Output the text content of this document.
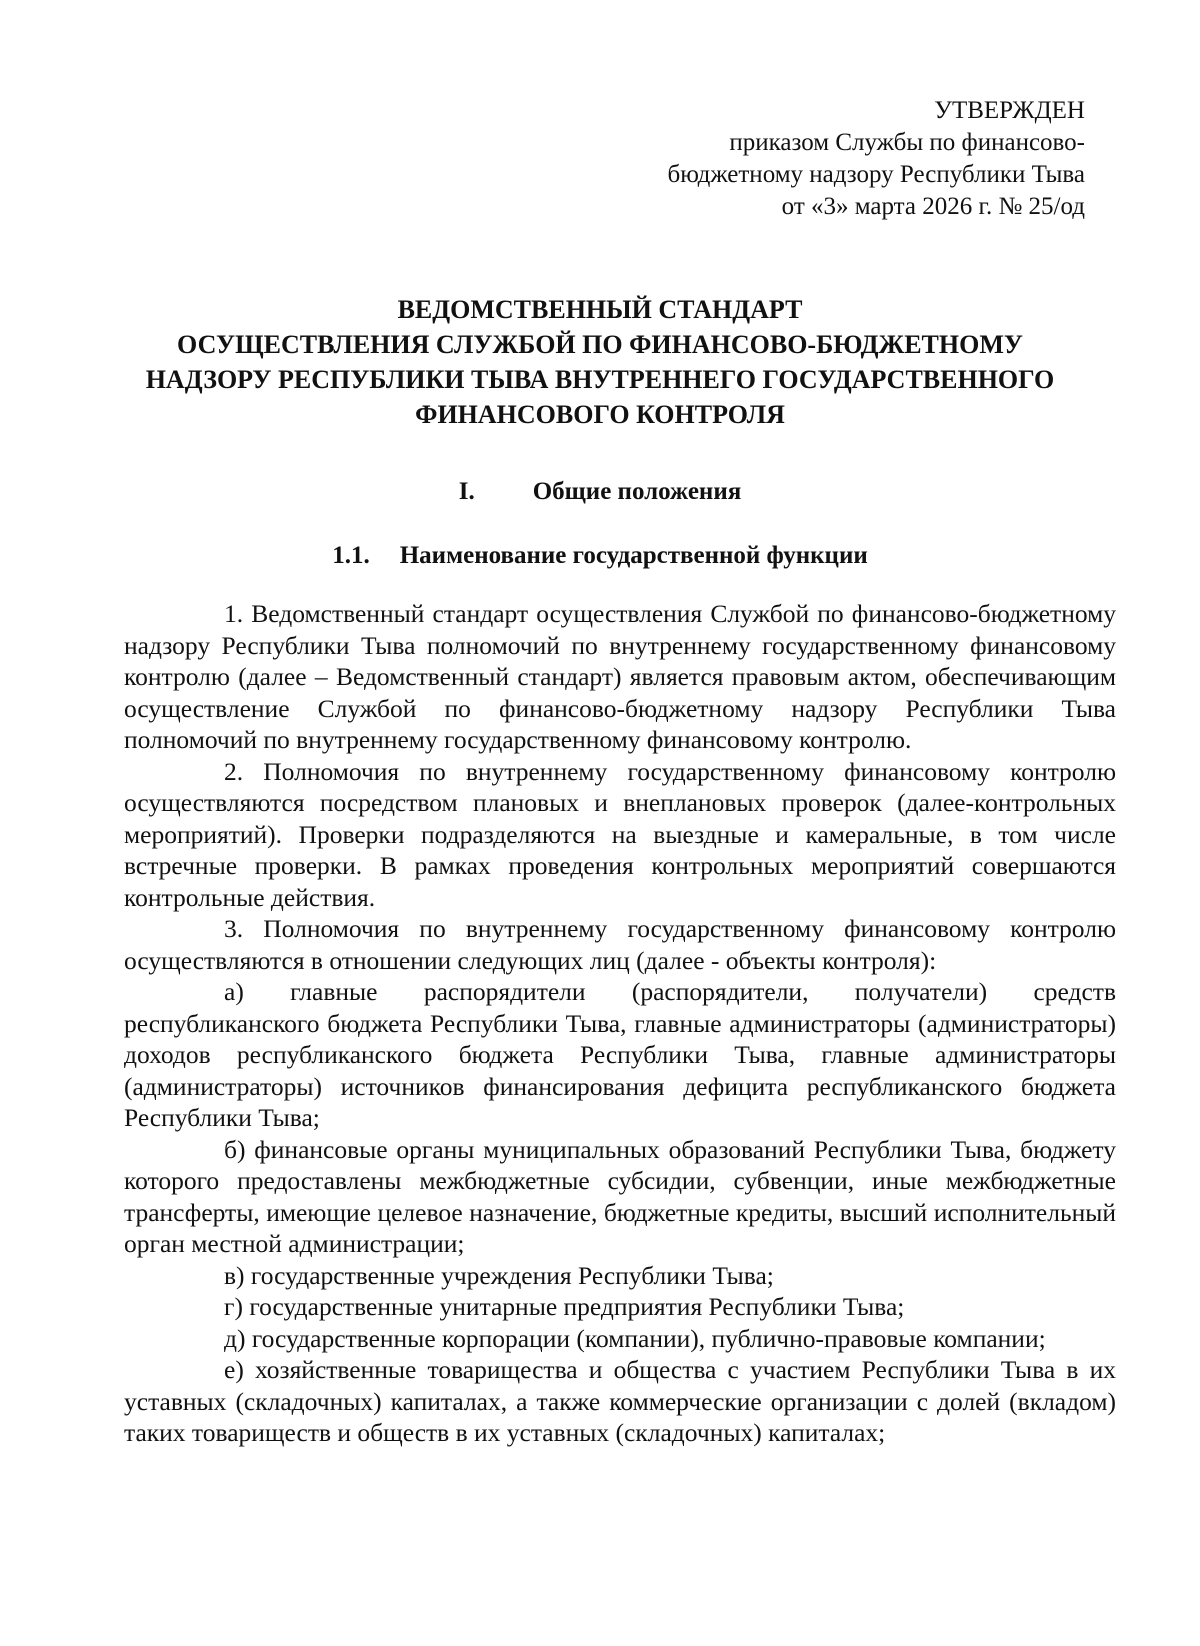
УТВЕРЖДЕН
приказом Службы по финансово-
бюджетному надзору Республики Тыва
от «3» марта 2026 г. № 25/од
ВЕДОМСТВЕННЫЙ СТАНДАРТ
ОСУЩЕСТВЛЕНИЯ СЛУЖБОЙ ПО ФИНАНСОВО-БЮДЖЕТНОМУ
НАДЗОРУ РЕСПУБЛИКИ ТЫВА ВНУТРЕННЕГО ГОСУДАРСТВЕННОГО
ФИНАНСОВОГО КОНТРОЛЯ
I. Общие положения
1.1. Наименование государственной функции

1. Ведомственный стандарт осуществления Службой по финансово-бюджетному надзору Республики Тыва полномочий по внутреннему государственному финансовому контролю (далее – Ведомственный стандарт) является правовым актом, обеспечивающим осуществление Службой по финансово-бюджетному надзору Республики Тыва полномочий по внутреннему государственному финансовому контролю.

2. Полномочия по внутреннему государственному финансовому контролю осуществляются посредством плановых и внеплановых проверок (далее-контрольных мероприятий). Проверки подразделяются на выездные и камеральные, в том числе встречные проверки. В рамках проведения контрольных мероприятий совершаются контрольные действия.

3. Полномочия по внутреннему государственному финансовому контролю осуществляются в отношении следующих лиц (далее - объекты контроля):

а) главные распорядители (распорядители, получатели) средств республиканского бюджета Республики Тыва, главные администраторы (администраторы) доходов республиканского бюджета Республики Тыва, главные администраторы (администраторы) источников финансирования дефицита республиканского бюджета Республики Тыва;

б) финансовые органы муниципальных образований Республики Тыва, бюджету которого предоставлены межбюджетные субсидии, субвенции, иные межбюджетные трансферты, имеющие целевое назначение, бюджетные кредиты, высший исполнительный орган местной администрации;

в) государственные учреждения Республики Тыва;

г) государственные унитарные предприятия Республики Тыва;

д) государственные корпорации (компании), публично-правовые компании;

е) хозяйственные товарищества и общества с участием Республики Тыва в их уставных (складочных) капиталах, а также коммерческие организации с долей (вкладом) таких товариществ и обществ в их уставных (складочных) капиталах;
